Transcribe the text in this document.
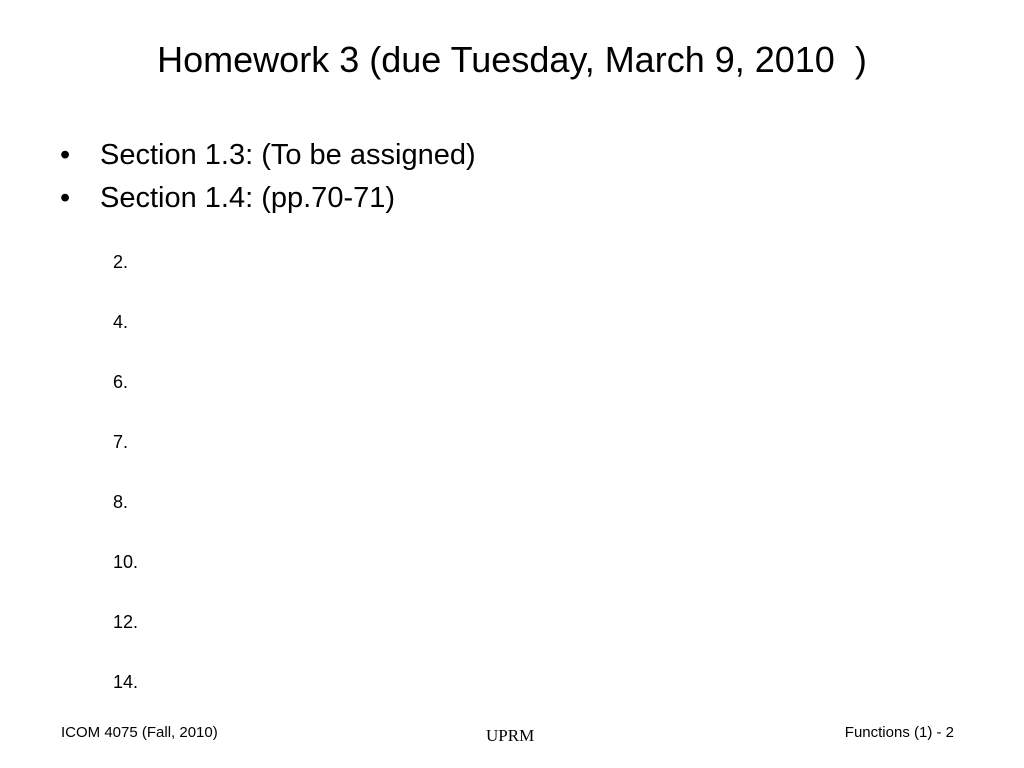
Homework 3 (due Tuesday, March 9, 2010  )
• Section 1.3: (To be assigned)
• Section 1.4: (pp.70-71)
2.
4.
6.
7.
8.
10.
12.
14.
ICOM 4075 (Fall, 2010)	UPRM	Functions (1) - 2
